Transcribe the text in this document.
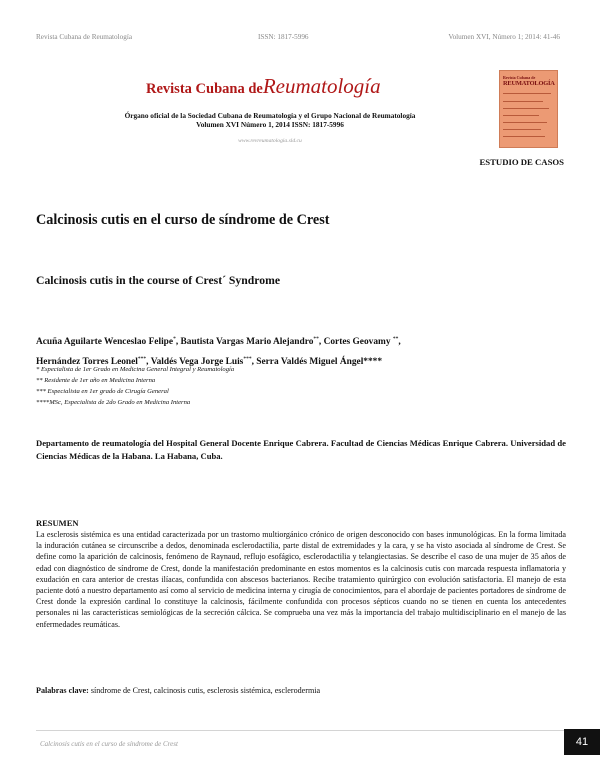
Revista Cubana de Reumatología	ISSN: 1817-5996	Volumen XVI, Número 1; 2014: 41-46
Revista Cubana deReumatología
Órgano oficial de la Sociedad Cubana de Reumatología y el Grupo Nacional de Reumatología
Volumen XVI Número 1, 2014 ISSN: 1817-5996
www.revreumatologia.sld.cu
Revista Cubana de
REUMATOLOGÍA
ESTUDIO DE CASOS
Calcinosis cutis en el curso de síndrome de Crest
Calcinosis cutis in the course of Crest´ Syndrome
Acuña Aguilarte Wenceslao Felipe*, Bautista Vargas Mario Alejandro**, Cortes Geovamy **,
Hernández Torres Leonel***, Valdés Vega Jorge Luis***, Serra Valdés Miguel Ángel****
* Especialista de 1er Grado en Medicina General Integral y Reumatología
** Residente de 1er año en Medicina Interna
*** Especialista en 1er grado de Cirugía General
****MSc, Especialista de 2do Grado en Medicina Interna
Departamento de reumatología del Hospital General Docente Enrique Cabrera. Facultad de Ciencias Médicas Enrique Cabrera. Universidad de Ciencias Médicas de la Habana. La Habana, Cuba.
RESUMEN
La esclerosis sistémica es una entidad caracterizada por un trastorno multiorgánico crónico de origen desconocido con bases inmunológicas. En la forma limitada la induración cutánea se circunscribe a dedos, denominada esclerodactilia, parte distal de extremidades y la cara, y se ha visto asociada al síndrome de Crest. Se define como la aparición de calcinosis, fenómeno de Raynaud, reflujo esofágico, esclerodactilia y telangiectasias. Se describe el caso de una mujer de 35 años de edad con diagnóstico de síndrome de Crest, donde la manifestación predominante en estos momentos es la calcinosis cutis con marcada respuesta inflamatoria y exudación en cara anterior de crestas ilíacas, confundida con abscesos bacterianos. Recibe tratamiento quirúrgico con evolución satisfactoria. El manejo de esta paciente dotó a nuestro departamento así como al servicio de medicina interna y cirugía de conocimientos, para el abordaje de pacientes portadores de síndrome de Crest donde la expresión cardinal lo constituye la calcinosis, fácilmente confundida con procesos sépticos cuando no se tienen en cuenta los antecedentes personales ni las características semiológicas de la secreción cálcica. Se comprueba una vez más la importancia del trabajo multidisciplinario en el manejo de las enfermedades reumáticas.
Palabras clave: síndrome de Crest, calcinosis cutis, esclerosis sistémica, esclerodermia
Calcinosis cutis en el curso de síndrome de Crest	41
